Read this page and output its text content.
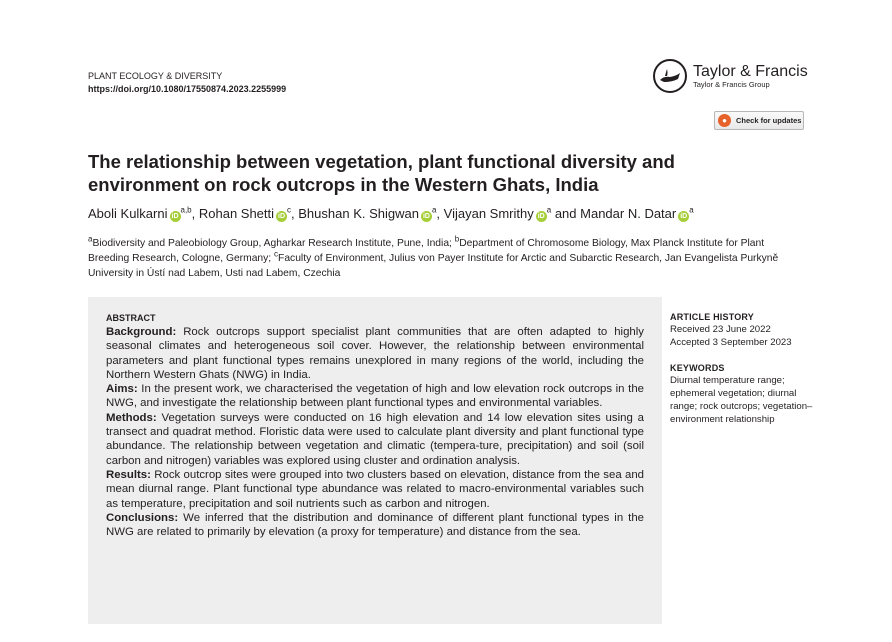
PLANT ECOLOGY & DIVERSITY
https://doi.org/10.1080/17550874.2023.2255999
Taylor & Francis
Taylor & Francis Group
●	Check for updates
The relationship between vegetation, plant functional diversity and environment on rock outcrops in the Western Ghats, India
Aboli Kulkarni iD$^{a,b}$, Rohan Shetti $iD^c$, Bhushan K. Shigwan $iD^a$, Vijayan Smrithy $iD^a$ and Mandar N. Datar $iD^a$
$^a$Biodiversity and Paleobiology Group, Agharkar Research Institute, Pune, India; $^b$Department of Chromosome Biology, Max Planck Institute for Plant Breeding Research, Cologne, Germany; $^c$Faculty of Environment, Julius von Payer Institute for Arctic and Subarctic Research, Jan Evangelista Purkyně University in Ústí nad Labem, Usti nad Labem, Czechia
ABSTRACT

Background: Rock outcrops support specialist plant communities that are often adapted to highly seasonal climates and heterogeneous soil cover. However, the relationship between environmental parameters and plant functional types remains unexplored in many regions of the world, including the Northern Western Ghats (NWG) in India.

Aims: In the present work, we characterised the vegetation of high and low elevation rock outcrops in the NWG, and investigate the relationship between plant functional types and environmental variables.

Methods: Vegetation surveys were conducted on 16 high elevation and 14 low elevation sites using a transect and quadrat method. Floristic data were used to calculate plant diversity and plant functional type abundance. The relationship between vegetation and climatic (tempera-ture, precipitation) and soil (soil carbon and nitrogen) variables was explored using cluster and ordination analysis.

Results: Rock outcrop sites were grouped into two clusters based on elevation, distance from the sea and mean diurnal range. Plant functional type abundance was related to macro-environmental variables such as temperature, precipitation and soil nutrients such as carbon and nitrogen.

Conclusions: We inferred that the distribution and dominance of different plant functional types in the NWG are related to primarily by elevation (a proxy for temperature) and distance from the sea.

ARTICLE HISTORY
Received 23 June 2022
Accepted 3 September 2023
KEYWORDS
Diurnal temperature range; ephemeral vegetation; diurnal range; rock outcrops; vegetation–environment relationship
